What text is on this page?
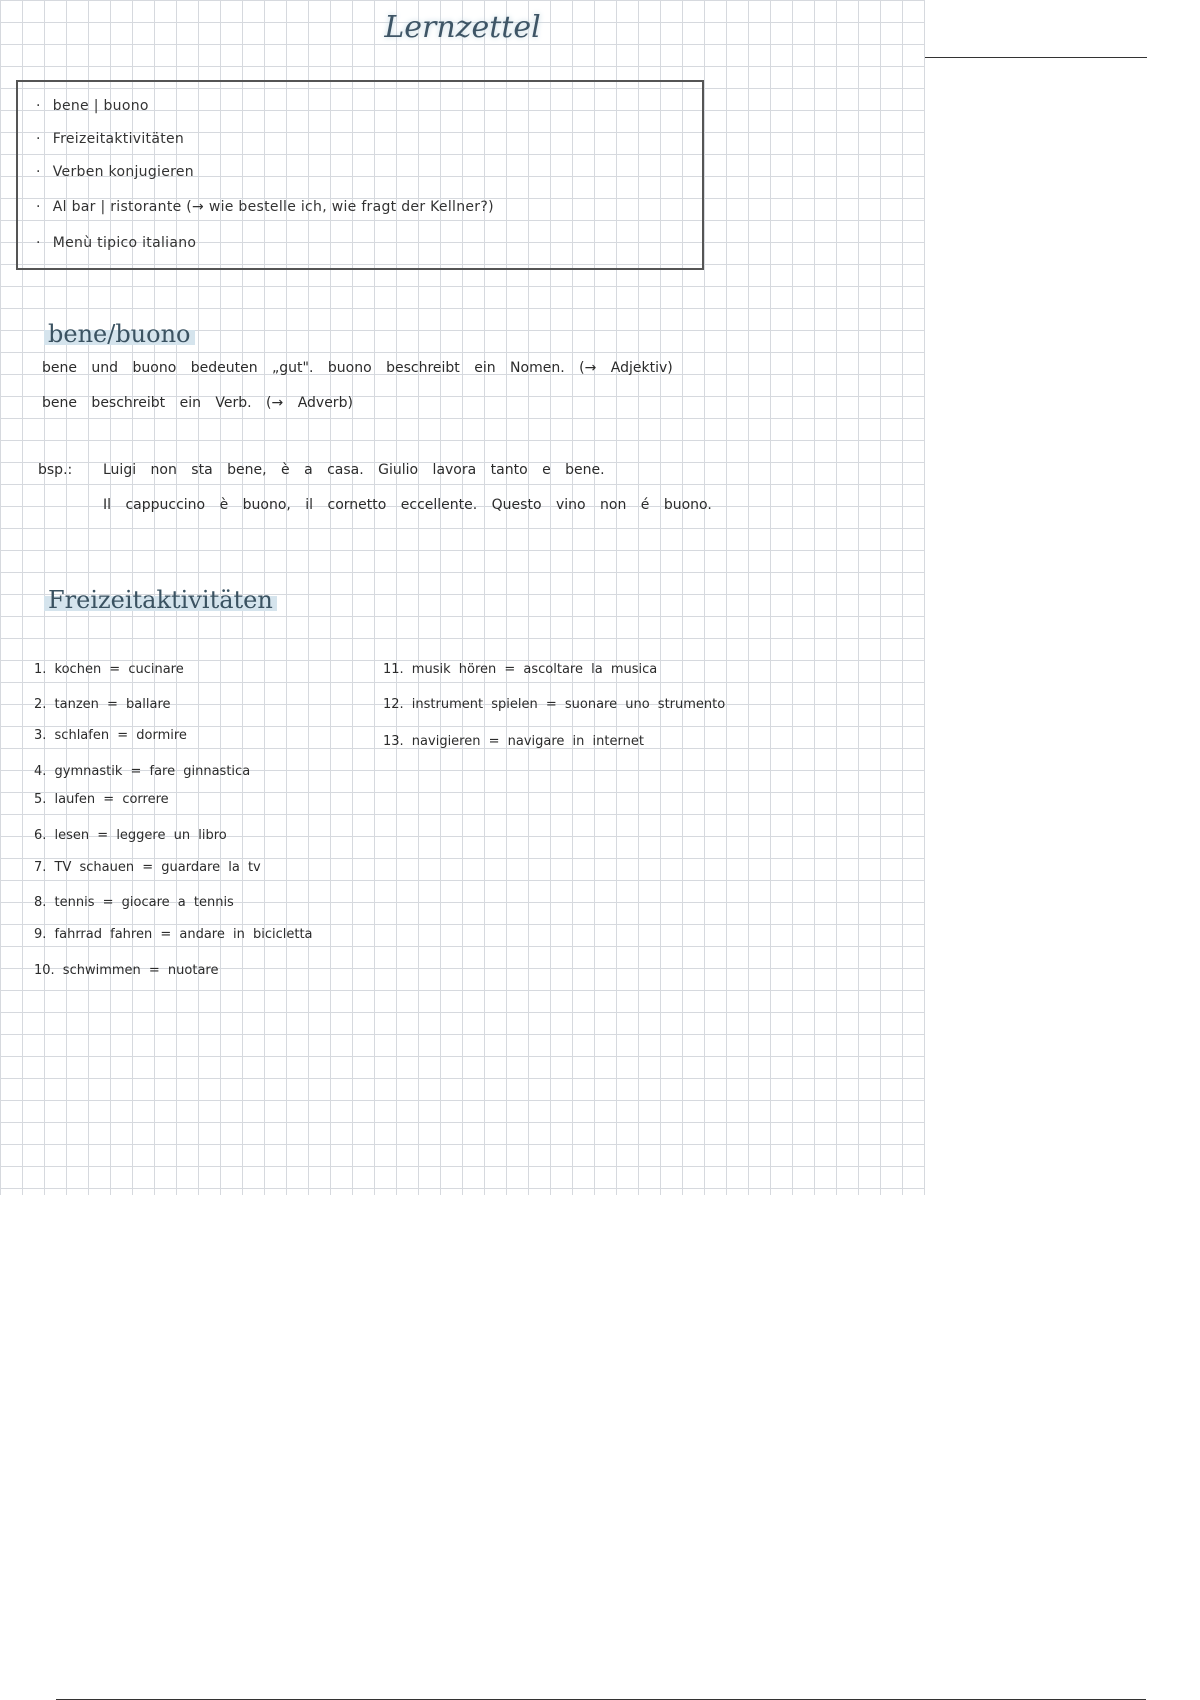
Lernzettel
· bene | buono
· Freizeitaktivitäten
· Verben konjugieren
· Al bar | ristorante (→ wie bestelle ich, wie fragt der Kellner?)
· Menù tipico italiano
bene/buono
bene und buono bedeuten „gut". buono beschreibt ein Nomen. (→ Adjektiv)
bene beschreibt ein Verb. (→ Adverb)
bsp.: Luigi non sta bene, è a casa. Giulio lavora tanto e bene.
Il cappuccino è buono, il cornetto eccellente. Questo vino non é buono.
Freizeitaktivitäten
1. kochen = cucinare
2. tanzen = ballare
3. schlafen = dormire
4. gymnastik = fare ginnastica
5. laufen = correre
6. lesen = leggere un libro
7. TV schauen = guardare la tv
8. tennis = giocare a tennis
9. fahrrad fahren = andare in bicicletta
10. schwimmen = nuotare
11. musik hören = ascoltare la musica
12. instrument spielen = suonare uno strumento
13. navigieren = navigare in internet
